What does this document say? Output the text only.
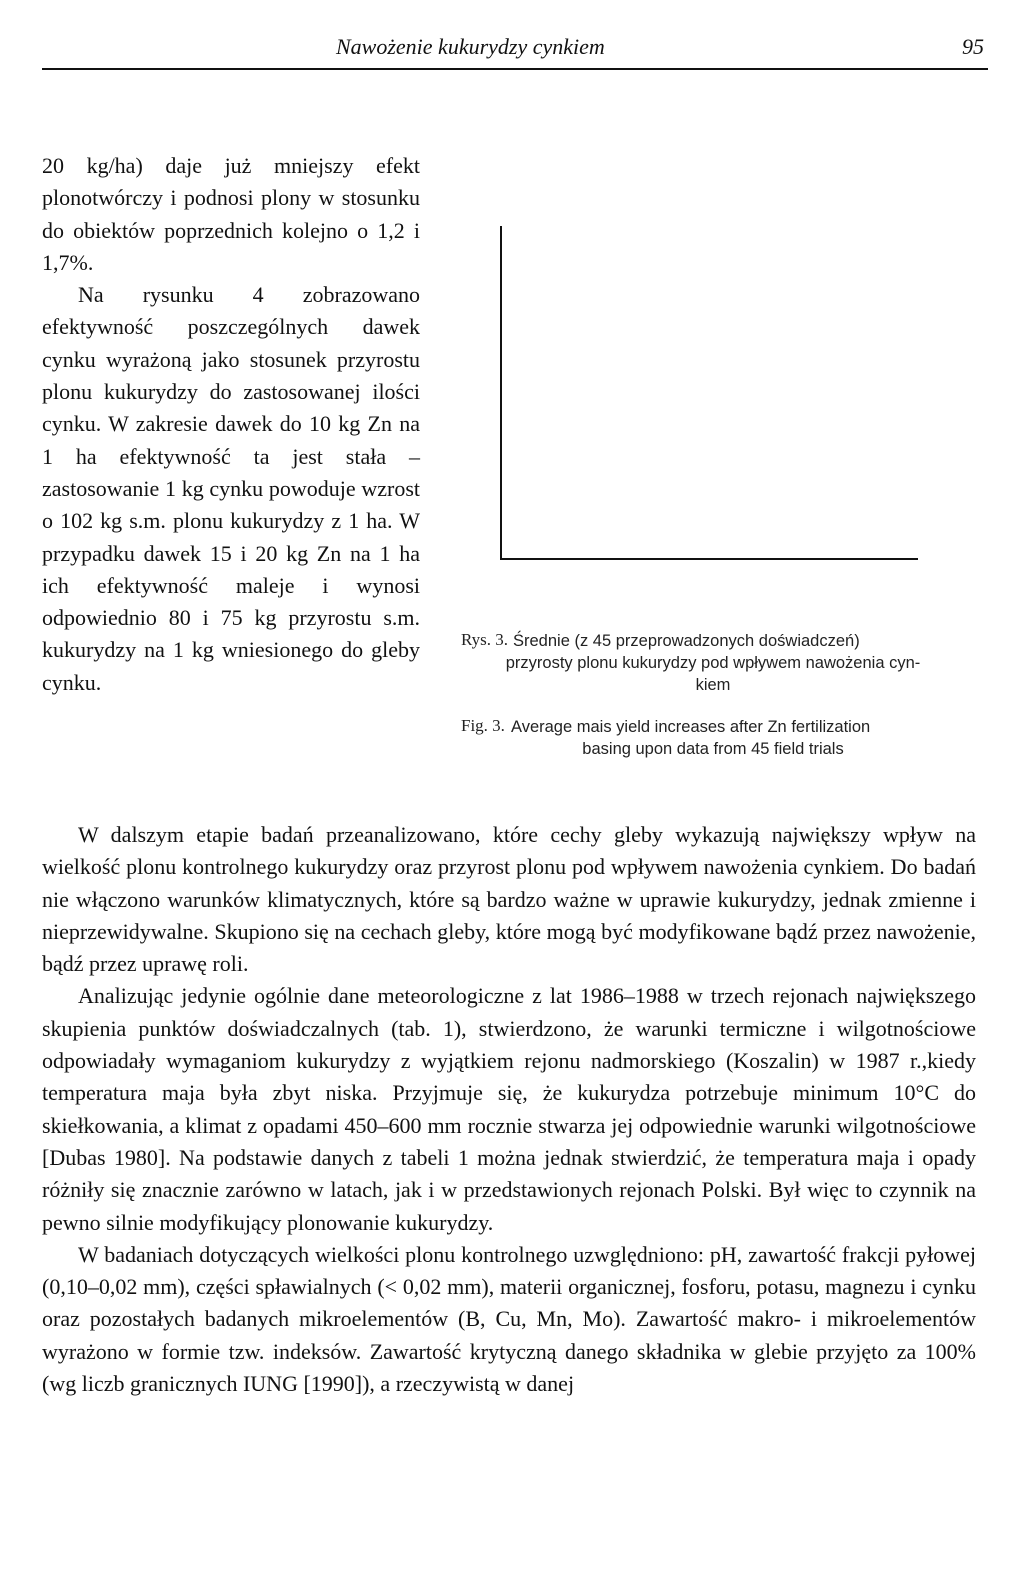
Nawożenie kukurydzy cynkiem	95

20 kg/ha) daje już mniejszy efekt plonotwórczy i podnosi plony w stosunku do obiektów poprzednich kolejno o 1,2 i 1,7%.

Na rysunku 4 zobrazowano efektywność poszczególnych dawek cynku wyrażoną jako stosunek przyrostu plonu kukurydzy do zastosowanej ilości cynku. W zakresie dawek do 10 kg Zn na 1 ha efektywność ta jest stała – zastosowanie 1 kg cynku powoduje wzrost o 102 kg s.m. plonu kukurydzy z 1 ha. W przypadku dawek 15 i 20 kg Zn na 1 ha ich efektywność maleje i wynosi odpowiednio 80 i 75 kg przyrostu s.m. kukurydzy na 1 kg wniesionego do gleby cynku.

Rys. 3. Średnie (z 45 przeprowadzonych doświadczeń)
przyrosty plonu kukurydzy pod wpływem nawożenia cyn-
kiem
Fig. 3. Average mais yield increases after Zn fertilization
basing upon data from 45 field trials

W dalszym etapie badań przeanalizowano, które cechy gleby wykazują największy wpływ na wielkość plonu kontrolnego kukurydzy oraz przyrost plonu pod wpływem nawożenia cynkiem. Do badań nie włączono warunków klimatycznych, które są bardzo ważne w uprawie kukurydzy, jednak zmienne i nieprzewidywalne. Skupiono się na cechach gleby, które mogą być modyfikowane bądź przez nawożenie, bądź przez uprawę roli.

Analizując jedynie ogólnie dane meteorologiczne z lat 1986–1988 w trzech rejonach największego skupienia punktów doświadczalnych (tab. 1), stwierdzono, że warunki termiczne i wilgotnościowe odpowiadały wymaganiom kukurydzy z wyjątkiem rejonu nadmorskiego (Koszalin) w 1987 r.,kiedy temperatura maja była zbyt niska. Przyjmuje się, że kukurydza potrzebuje minimum 10°C do skiełkowania, a klimat z opadami 450–600 mm rocznie stwarza jej odpowiednie warunki wilgotnościowe [Dubas 1980]. Na podstawie danych z tabeli 1 można jednak stwierdzić, że temperatura maja i opady różniły się znacznie zarówno w latach, jak i w przedstawionych rejonach Polski. Był więc to czynnik na pewno silnie modyfikujący plonowanie kukurydzy.

W badaniach dotyczących wielkości plonu kontrolnego uzwględniono: pH, zawartość frakcji pyłowej (0,10–0,02 mm), części spławialnych (< 0,02 mm), materii organicznej, fosforu, potasu, magnezu i cynku oraz pozostałych badanych mikroelementów (B, Cu, Mn, Mo). Zawartość makro- i mikroelementów wyrażono w formie tzw. indeksów. Zawartość krytyczną danego składnika w glebie przyjęto za 100% (wg liczb granicznych IUNG [1990]), a rzeczywistą w danej
